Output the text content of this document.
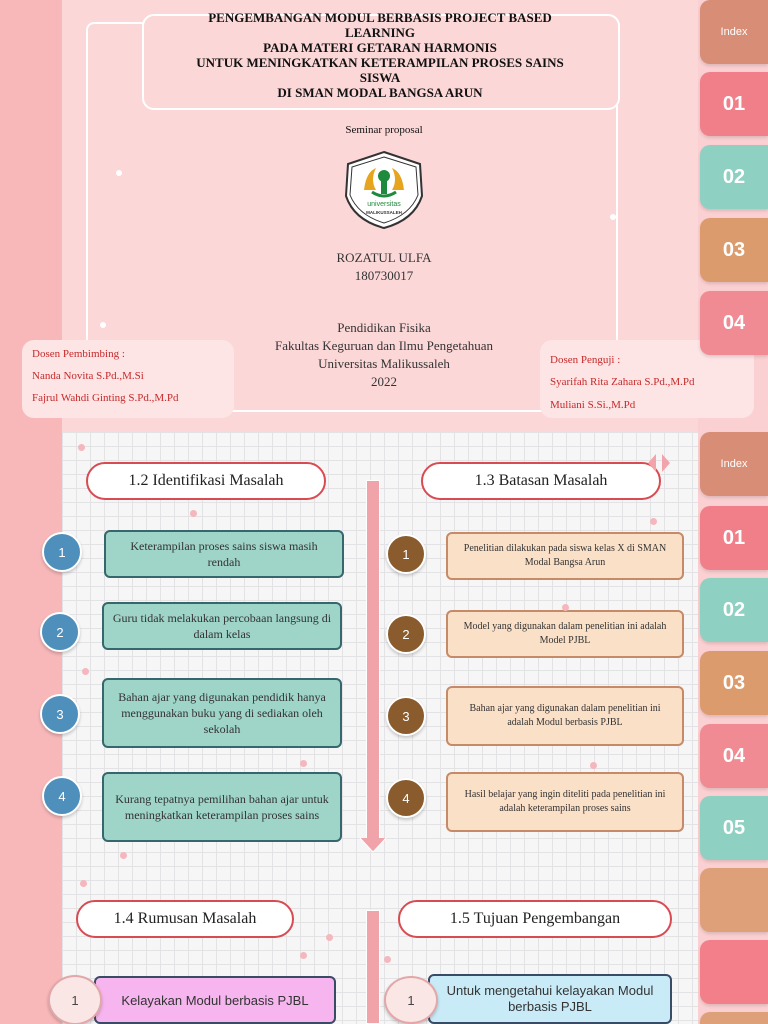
PENGEMBANGAN MODUL BERBASIS PROJECT BASED
LEARNING
PADA MATERI GETARAN HARMONIS
UNTUK MENINGKATKAN KETERAMPILAN PROSES SAINS
SISWA
DI SMAN MODAL BANGSA ARUN
Seminar proposal
universitas
MALIKUSSALEH
ROZATUL ULFA
180730017
Pendidikan Fisika
Fakultas Keguruan dan Ilmu Pengetahuan
Universitas Malikussaleh
2022
Dosen Pembimbing :
Nanda Novita S.Pd.,M.Si
Fajrul Wahdi Ginting S.Pd.,M.Pd
Dosen Penguji :
Syarifah Rita Zahara S.Pd.,M.Pd
Muliani S.Si.,M.Pd
Index
01
02
03
04
1.2 Identifikasi Masalah	1.3 Batasan Masalah
1	Keterampilan proses sains siswa masih rendah
2
Guru tidak melakukan percobaan langsung di dalam kelas
3
Bahan ajar yang digunakan pendidik hanya menggunakan buku yang di sediakan oleh sekolah
4	Kurang tepatnya pemilihan bahan ajar untuk meningkatkan keterampilan proses sains
1	Penelitian dilakukan pada siswa kelas X di SMAN Modal Bangsa Arun
2	Model yang digunakan dalam penelitian ini adalah Model PJBL
3	Bahan ajar yang digunakan dalam penelitian ini adalah Modul berbasis PJBL
4	Hasil belajar yang ingin diteliti pada penelitian ini adalah keterampilan proses sains
Index
01
02
03
04
05
1.4 Rumusan Masalah	1.5 Tujuan Pengembangan
Kelayakan Modul berbasis PJBL
1
Untuk mengetahui kelayakan Modul berbasis PJBL
1
